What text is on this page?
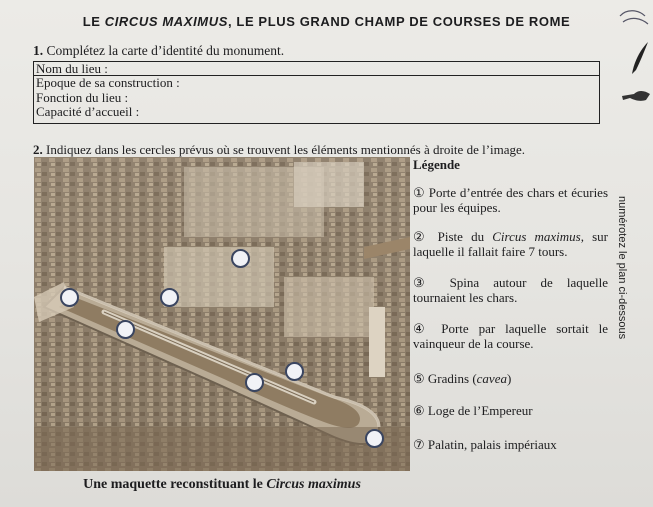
LE CIRCUS MAXIMUS, LE PLUS GRAND CHAMP DE COURSES DE ROME
1. Complétez la carte d’identité du monument.
Nom du lieu :
Epoque de sa construction :
Fonction du lieu :
Capacité d’accueil :
2. Indiquez dans les cercles prévus où se trouvent les éléments mentionnés à droite de l’image.
Une maquette reconstituant le Circus maximus
Légende
① Porte d’entrée des chars et écuries pour les équipes.
② Piste du Circus maximus, sur laquelle il fallait faire 7 tours.
③ Spina autour de laquelle tournaient les chars.
④ Porte par laquelle sortait le vainqueur de la course.
⑤ Gradins (cavea)
⑥ Loge de l’Empereur
⑦ Palatin, palais impériaux
numérotez le plan ci-dessous
